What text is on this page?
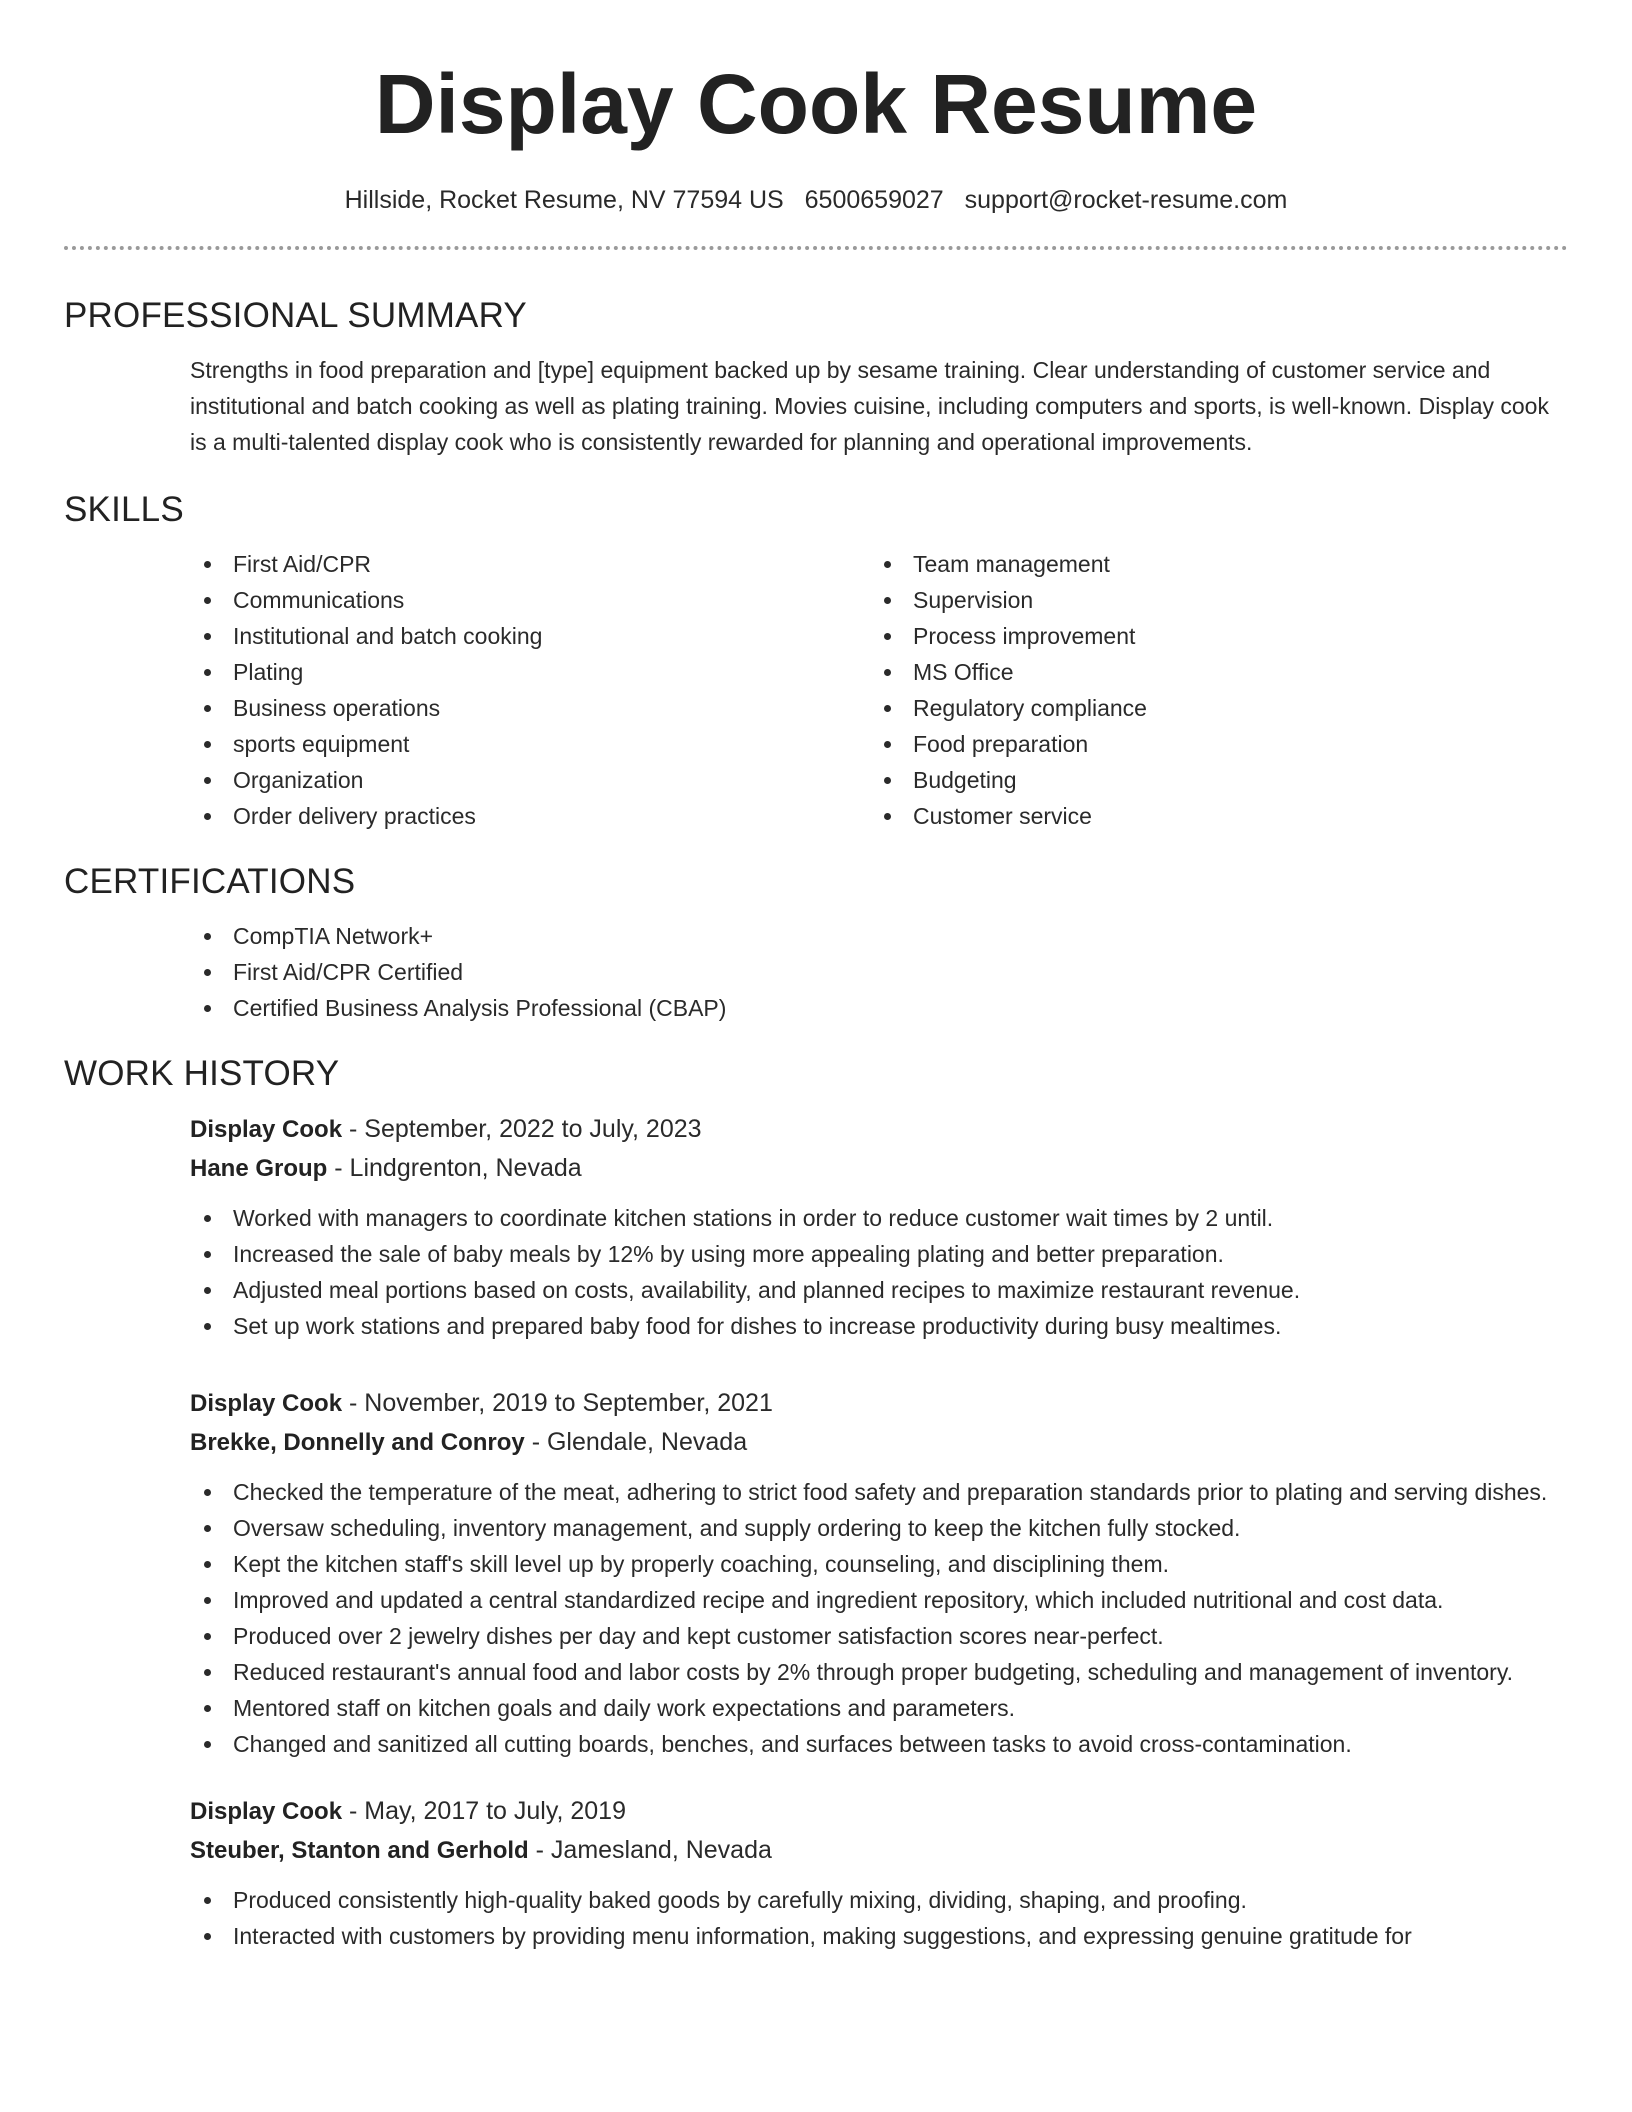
Display Cook Resume
Hillside, Rocket Resume, NV 77594 US 6500659027 support@rocket-resume.com
PROFESSIONAL SUMMARY

Strengths in food preparation and [type] equipment backed up by sesame training. Clear understanding of customer service and institutional and batch cooking as well as plating training. Movies cuisine, including computers and sports, is well-known. Display cook is a multi-talented display cook who is consistently rewarded for planning and operational improvements.

SKILLS
First Aid/CPR
Communications
Institutional and batch cooking
Plating
Business operations
sports equipment
Organization
Order delivery practices
Team management
Supervision
Process improvement
MS Office
Regulatory compliance
Food preparation
Budgeting
Customer service
CERTIFICATIONS
CompTIA Network+
First Aid/CPR Certified
Certified Business Analysis Professional (CBAP)
WORK HISTORY
Display Cook - September, 2022 to July, 2023
Hane Group - Lindgrenton, Nevada
Worked with managers to coordinate kitchen stations in order to reduce customer wait times by 2 until.
Increased the sale of baby meals by 12% by using more appealing plating and better preparation.
Adjusted meal portions based on costs, availability, and planned recipes to maximize restaurant revenue.
Set up work stations and prepared baby food for dishes to increase productivity during busy mealtimes.
Display Cook - November, 2019 to September, 2021
Brekke, Donnelly and Conroy - Glendale, Nevada
Checked the temperature of the meat, adhering to strict food safety and preparation standards prior to plating and serving dishes.
Oversaw scheduling, inventory management, and supply ordering to keep the kitchen fully stocked.
Kept the kitchen staff's skill level up by properly coaching, counseling, and disciplining them.
Improved and updated a central standardized recipe and ingredient repository, which included nutritional and cost data.
Produced over 2 jewelry dishes per day and kept customer satisfaction scores near-perfect.
Reduced restaurant's annual food and labor costs by 2% through proper budgeting, scheduling and management of inventory.
Mentored staff on kitchen goals and daily work expectations and parameters.
Changed and sanitized all cutting boards, benches, and surfaces between tasks to avoid cross-contamination.
Display Cook - May, 2017 to July, 2019
Steuber, Stanton and Gerhold - Jamesland, Nevada
Produced consistently high-quality baked goods by carefully mixing, dividing, shaping, and proofing.
Interacted with customers by providing menu information, making suggestions, and expressing genuine gratitude for
